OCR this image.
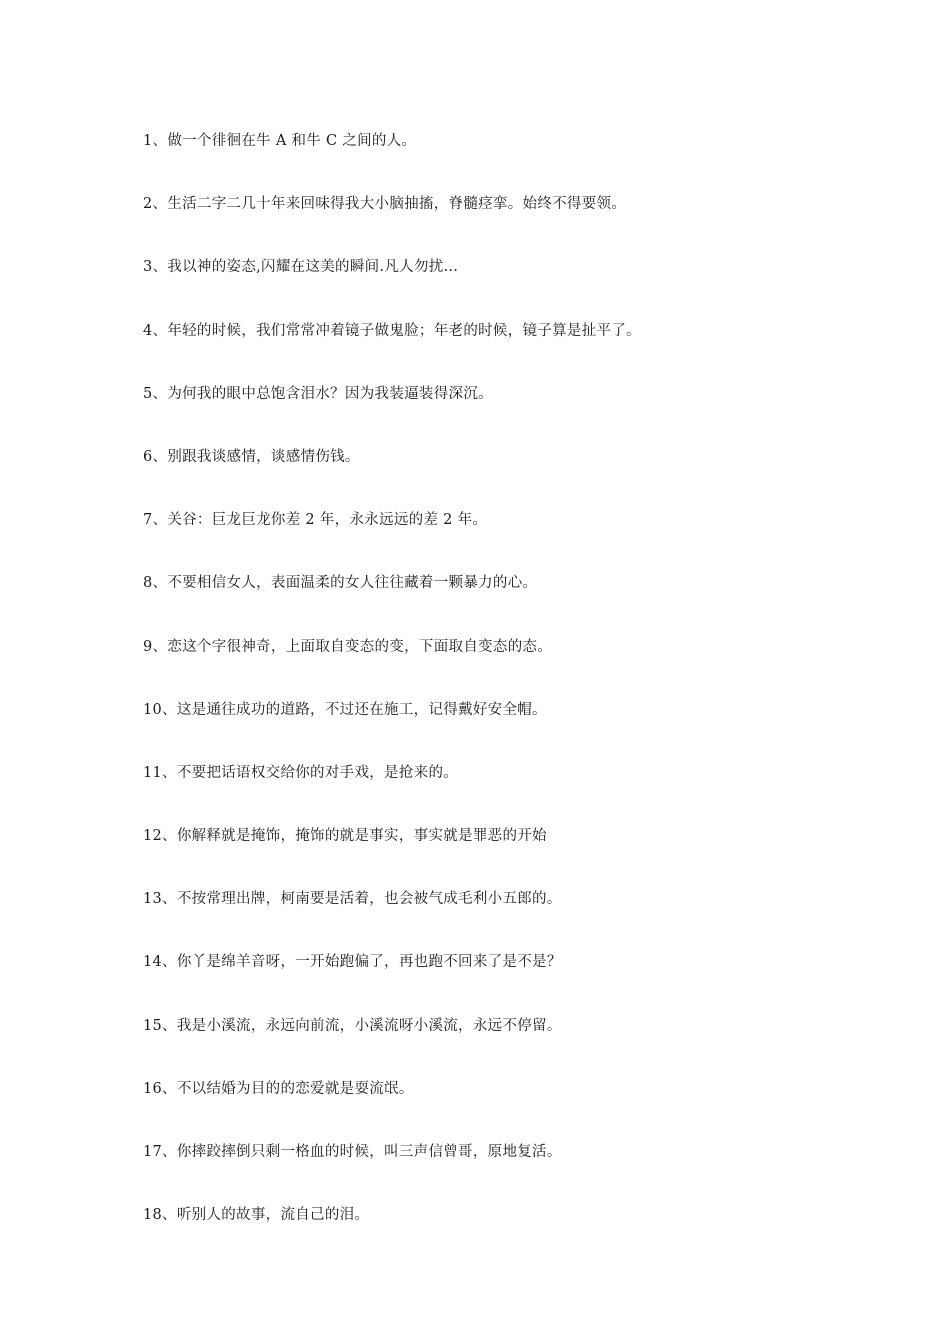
1、做一个徘徊在牛 A 和牛 C 之间的人。
2、生活二字二几十年来回味得我大小脑抽搐，脊髓痉挛。始终不得要领。
3、我以神的姿态,闪耀在这美的瞬间.凡人勿扰…
4、年轻的时候，我们常常冲着镜子做鬼脸；年老的时候，镜子算是扯平了。
5、为何我的眼中总饱含泪水？因为我装逼装得深沉。
6、别跟我谈感情，谈感情伤钱。
7、关谷：巨龙巨龙你差 2 年，永永远远的差 2 年。
8、不要相信女人，表面温柔的女人往往藏着一颗暴力的心。
9、恋这个字很神奇，上面取自变态的变，下面取自变态的态。
10、这是通往成功的道路，不过还在施工，记得戴好安全帽。
11、不要把话语权交给你的对手戏，是抢来的。
12、你解释就是掩饰，掩饰的就是事实，事实就是罪恶的开始
13、不按常理出牌，柯南要是活着，也会被气成毛利小五郎的。
14、你丫是绵羊音呀，一开始跑偏了，再也跑不回来了是不是？
15、我是小溪流，永远向前流，小溪流呀小溪流，永远不停留。
16、不以结婚为目的的恋爱就是耍流氓。
17、你摔跤摔倒只剩一格血的时候，叫三声信曾哥，原地复活。
18、听别人的故事，流自己的泪。
